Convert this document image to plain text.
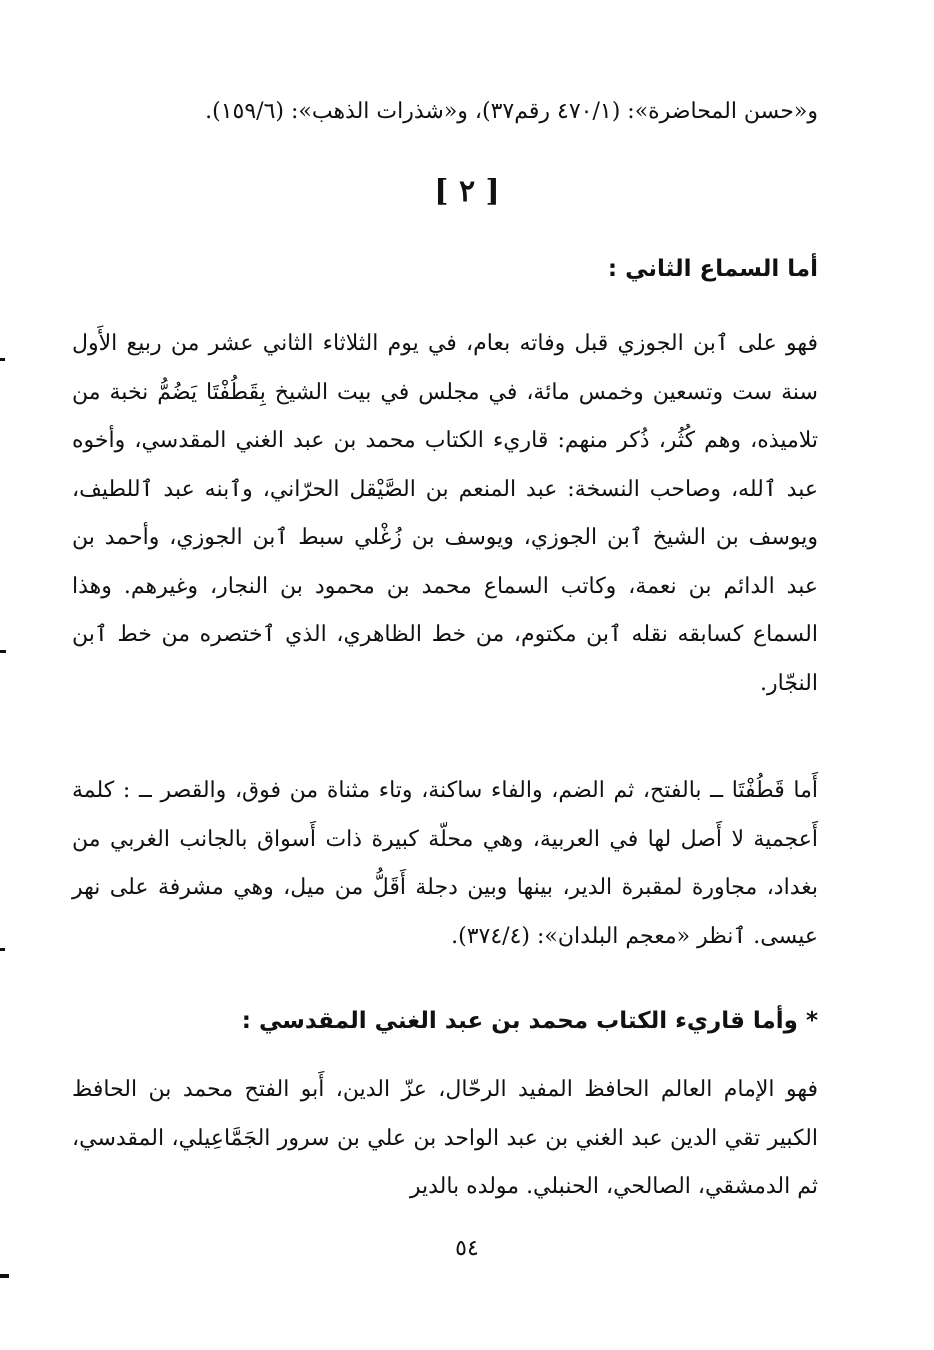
و«حسن المحاضرة»: (٤٧٠/١ رقم٣٧)، و«شذرات الذهب»: (١٥٩/٦).

[ ٢ ]

أما السماع الثاني :

فهو على ٱبن الجوزي قبل وفاته بعام، في يوم الثلاثاء الثاني عشر من ربيع الأَول سنة ست وتسعين وخمس مائة، في مجلس في بيت الشيخ بِقَطُفْتَا يَضُمُّ نخبة من تلاميذه، وهم كُثُر، ذُكر منهم: قاريء الكتاب محمد بن عبد الغني المقدسي، وأخوه عبد ٱلله، وصاحب النسخة: عبد المنعم بن الصَّيْقل الحرّاني، وٱبنه عبد ٱللطيف، ويوسف بن الشيخ ٱبن الجوزي، ويوسف بن زُغْلي سبط ٱبن الجوزي، وأحمد بن عبد الدائم بن نعمة، وكاتب السماع محمد بن محمود بن النجار، وغيرهم. وهذا السماع كسابقه نقله ٱبن مكتوم، من خط الظاهري، الذي ٱختصره من خط ٱبن النجّار.

أَما قَطُفْتَا ــ بالفتح، ثم الضم، والفاء ساكنة، وتاء مثناة من فوق، والقصر ــ : كلمة أَعجمية لا أَصل لها في العربية، وهي محلّة كبيرة ذات أَسواق بالجانب الغربي من بغداد، مجاورة لمقبرة الدير، بينها وبين دجلة أَقَلُّ من ميل، وهي مشرفة على نهر عيسى. ٱنظر «معجم البلدان»: (٣٧٤/٤).

* وأما قاريء الكتاب محمد بن عبد الغني المقدسي :

فهو الإمام العالم الحافظ المفيد الرحّال، عزّ الدين، أَبو الفتح محمد بن الحافظ الكبير تقي الدين عبد الغني بن عبد الواحد بن علي بن سرور الجَمَّاعِيلي، المقدسي، ثم الدمشقي، الصالحي، الحنبلي. مولده بالدير

٥٤
